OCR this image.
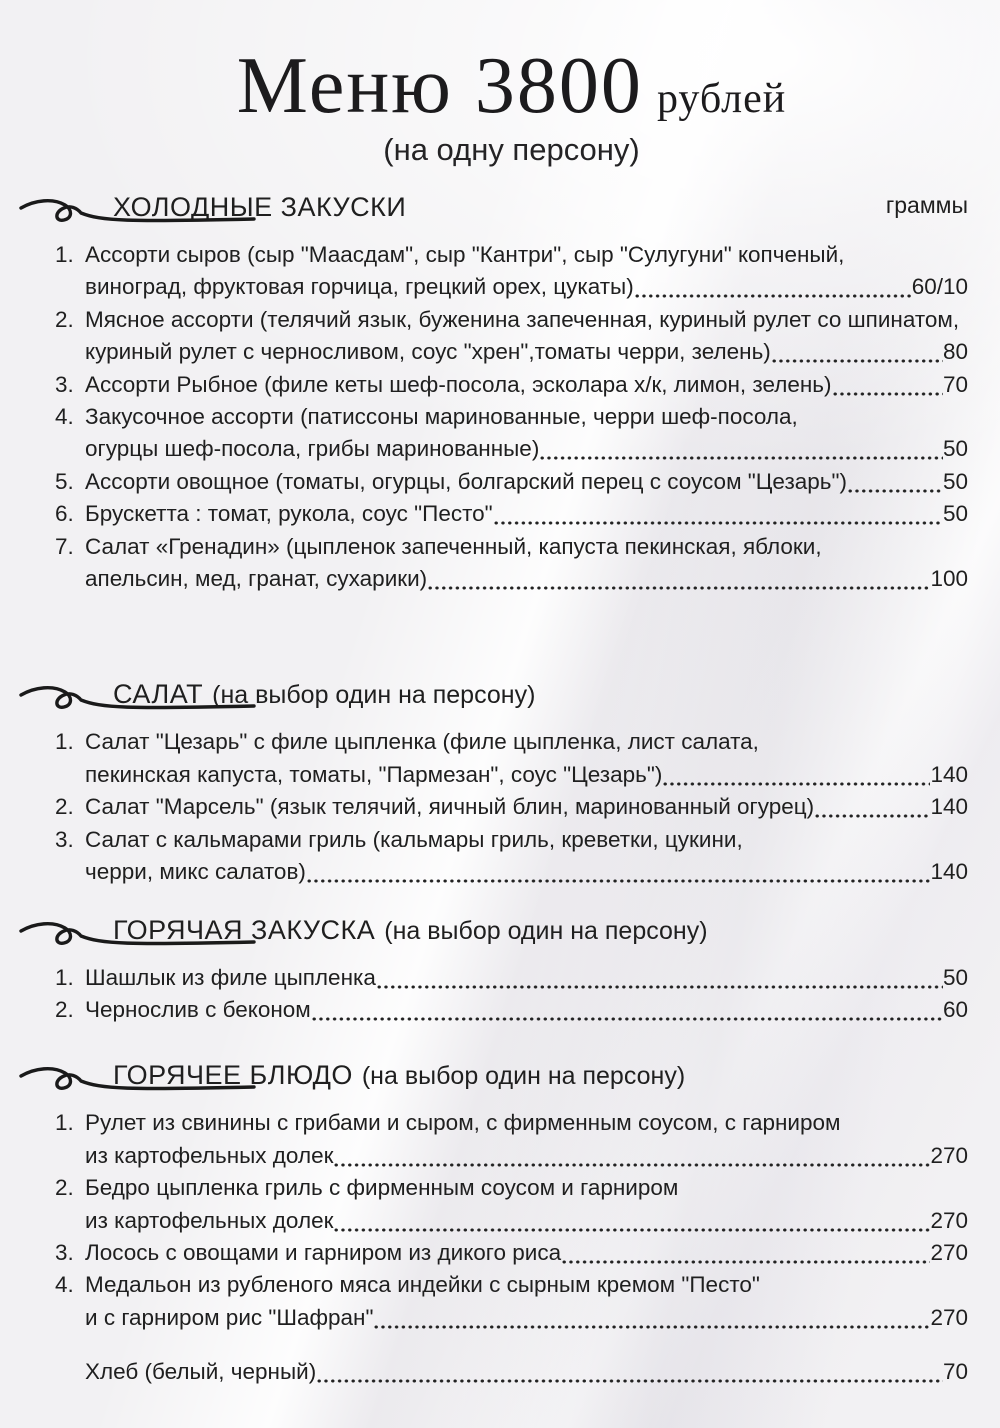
Меню 3800 рублей
(на одну персону)
ХОЛОДНЫЕ ЗАКУСКИ	граммы
1. Ассорти сыров (сыр "Маасдам", сыр "Кантри", сыр "Сулугуни" копченый,
виноград, фруктовая горчица, грецкий орех, цукаты)	60/10
2. Мясное ассорти (телячий язык, буженина запеченная, куриный рулет со шпинатом,
куриный рулет с черносливом, соус "хрен",томаты черри, зелень)	80
3. Ассорти Рыбное (филе кеты шеф-посола, эсколара х/к, лимон, зелень)	70
4. Закусочное ассорти (патиссоны маринованные, черри шеф-посола,
огурцы шеф-посола, грибы маринованные)	50
5. Ассорти овощное (томаты, огурцы, болгарский перец с соусом "Цезарь")	50
6. Брускетта : томат, рукола, соус "Песто"	50
7. Салат «Гренадин» (цыпленок запеченный, капуста пекинская, яблоки,
апельсин, мед, гранат, сухарики)	100
САЛАТ (на выбор один на персону)
1. Салат "Цезарь" с филе цыпленка (филе цыпленка, лист салата,
пекинская капуста, томаты, "Пармезан", соус "Цезарь")	140
2. Салат "Марсель" (язык телячий, яичный блин, маринованный огурец)	140
3. Салат с кальмарами гриль (кальмары гриль, креветки, цукини,
черри, микс салатов)	140
ГОРЯЧАЯ ЗАКУСКА (на выбор один на персону)
1. Шашлык из филе цыпленка	50
2. Чернослив с беконом	60
ГОРЯЧЕЕ БЛЮДО (на выбор один на персону)
1. Рулет из свинины с грибами и сыром, с фирменным соусом, с гарниром
из картофельных долек	270
2. Бедро цыпленка гриль с фирменным соусом и гарниром
из картофельных долек	270
3. Лосось с овощами и гарниром из дикого риса	270
4. Медальон из рубленого мяса индейки с сырным кремом "Песто"
и с гарниром рис "Шафран"	270
Хлеб (белый, черный)	70
